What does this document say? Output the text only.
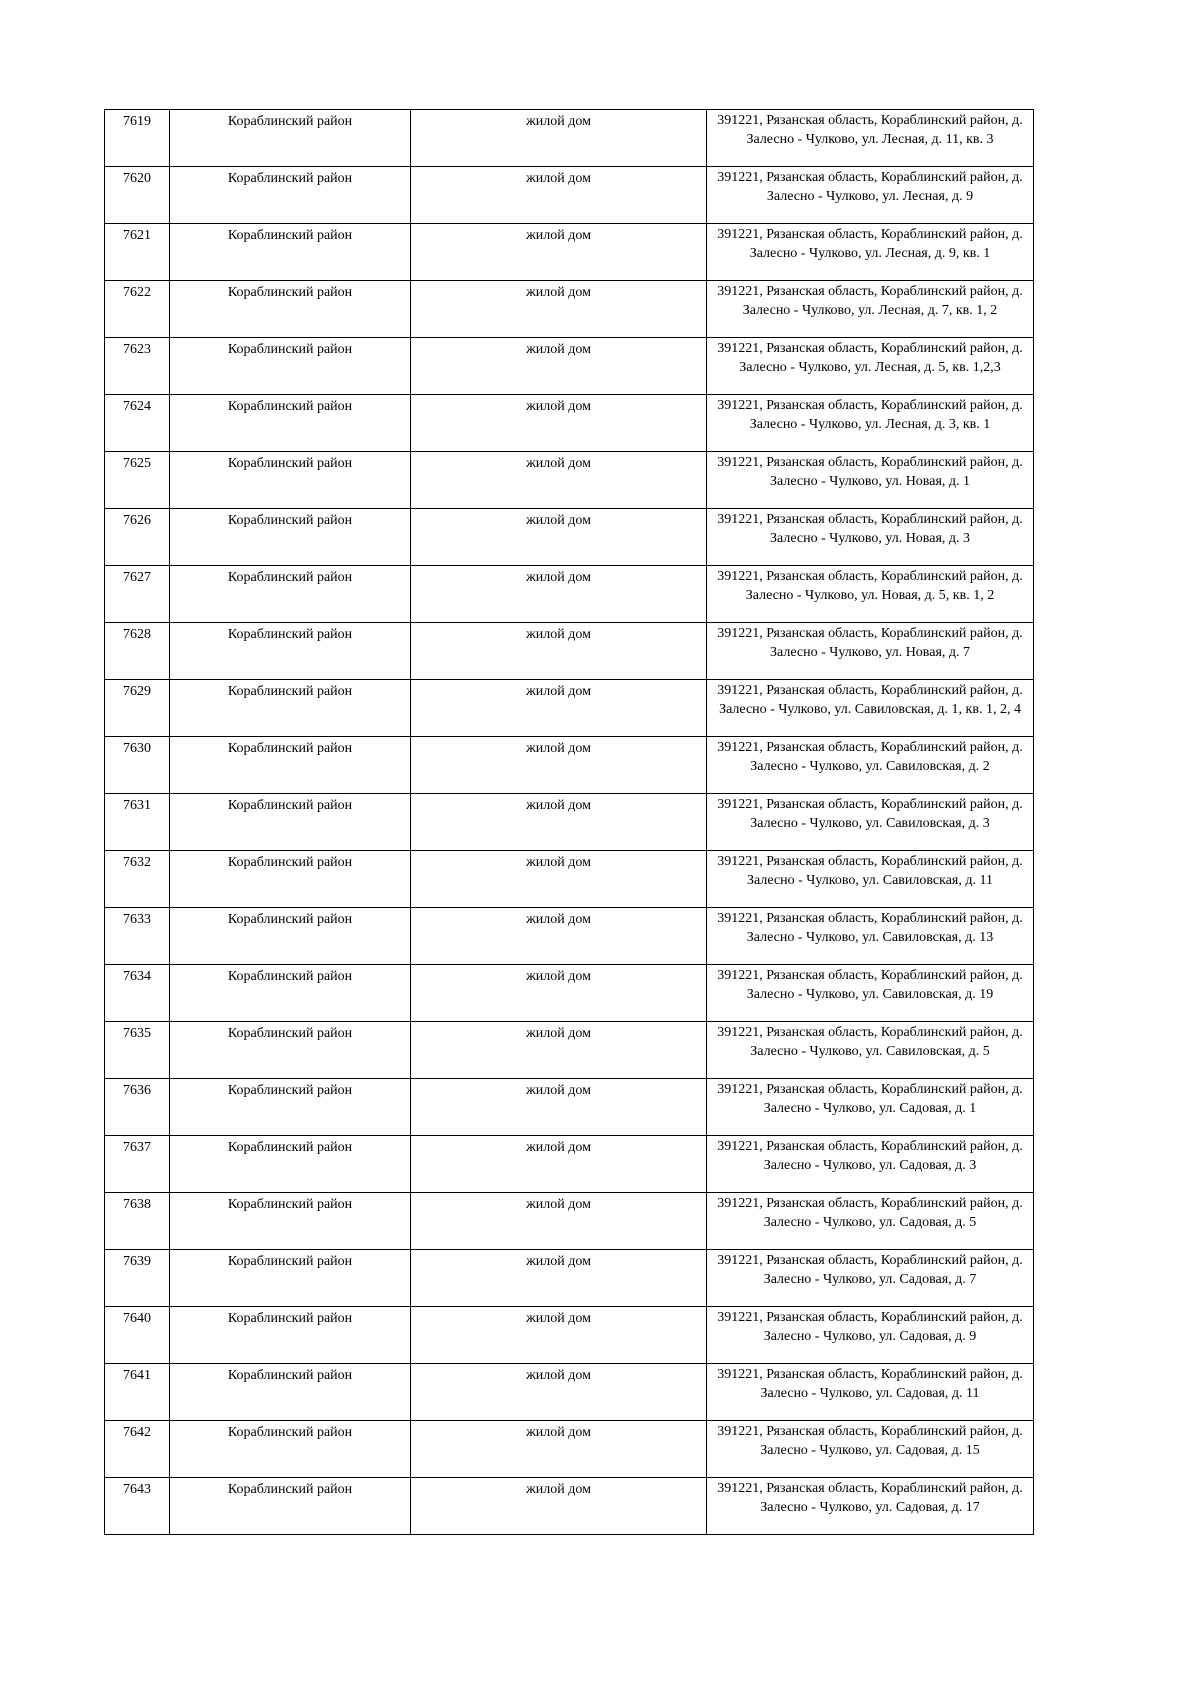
7619	Кораблинский район	жилой дом	391221, Рязанская область, Кораблинский район, д. Залесно - Чулково, ул. Лесная, д. 11, кв. 3

7620	Кораблинский район	жилой дом	391221, Рязанская область, Кораблинский район, д. Залесно - Чулково, ул. Лесная, д. 9

7621	Кораблинский район	жилой дом	391221, Рязанская область, Кораблинский район, д. Залесно - Чулково, ул. Лесная, д. 9, кв. 1

7622	Кораблинский район	жилой дом	391221, Рязанская область, Кораблинский район, д. Залесно - Чулково, ул. Лесная, д. 7, кв. 1, 2

7623	Кораблинский район	жилой дом	391221, Рязанская область, Кораблинский район, д. Залесно - Чулково, ул. Лесная, д. 5, кв. 1,2,3

7624	Кораблинский район	жилой дом	391221, Рязанская область, Кораблинский район, д. Залесно - Чулково, ул. Лесная, д. 3, кв. 1

7625	Кораблинский район	жилой дом	391221, Рязанская область, Кораблинский район, д. Залесно - Чулково, ул. Новая, д. 1

7626	Кораблинский район	жилой дом	391221, Рязанская область, Кораблинский район, д. Залесно - Чулково, ул. Новая, д. 3

7627	Кораблинский район	жилой дом	391221, Рязанская область, Кораблинский район, д. Залесно - Чулково, ул. Новая, д. 5, кв. 1, 2

7628	Кораблинский район	жилой дом	391221, Рязанская область, Кораблинский район, д. Залесно - Чулково, ул. Новая, д. 7

7629	Кораблинский район	жилой дом	391221, Рязанская область, Кораблинский район, д. Залесно - Чулково, ул. Савиловская, д. 1, кв. 1, 2, 4

7630	Кораблинский район	жилой дом	391221, Рязанская область, Кораблинский район, д. Залесно - Чулково, ул. Савиловская, д. 2

7631	Кораблинский район	жилой дом	391221, Рязанская область, Кораблинский район, д. Залесно - Чулково, ул. Савиловская, д. 3

7632	Кораблинский район	жилой дом	391221, Рязанская область, Кораблинский район, д. Залесно - Чулково, ул. Савиловская, д. 11

7633	Кораблинский район	жилой дом	391221, Рязанская область, Кораблинский район, д. Залесно - Чулково, ул. Савиловская, д. 13

7634	Кораблинский район	жилой дом	391221, Рязанская область, Кораблинский район, д. Залесно - Чулково, ул. Савиловская, д. 19

7635	Кораблинский район	жилой дом	391221, Рязанская область, Кораблинский район, д. Залесно - Чулково, ул. Савиловская, д. 5

7636	Кораблинский район	жилой дом	391221, Рязанская область, Кораблинский район, д. Залесно - Чулково, ул. Садовая, д. 1

7637	Кораблинский район	жилой дом	391221, Рязанская область, Кораблинский район, д. Залесно - Чулково, ул. Садовая, д. 3

7638	Кораблинский район	жилой дом	391221, Рязанская область, Кораблинский район, д. Залесно - Чулково, ул. Садовая, д. 5

7639	Кораблинский район	жилой дом	391221, Рязанская область, Кораблинский район, д. Залесно - Чулково, ул. Садовая, д. 7

7640	Кораблинский район	жилой дом	391221, Рязанская область, Кораблинский район, д. Залесно - Чулково, ул. Садовая, д. 9

7641	Кораблинский район	жилой дом	391221, Рязанская область, Кораблинский район, д. Залесно - Чулково, ул. Садовая, д. 11

7642	Кораблинский район	жилой дом	391221, Рязанская область, Кораблинский район, д. Залесно - Чулково, ул. Садовая, д. 15

7643	Кораблинский район	жилой дом	391221, Рязанская область, Кораблинский район, д. Залесно - Чулково, ул. Садовая, д. 17
